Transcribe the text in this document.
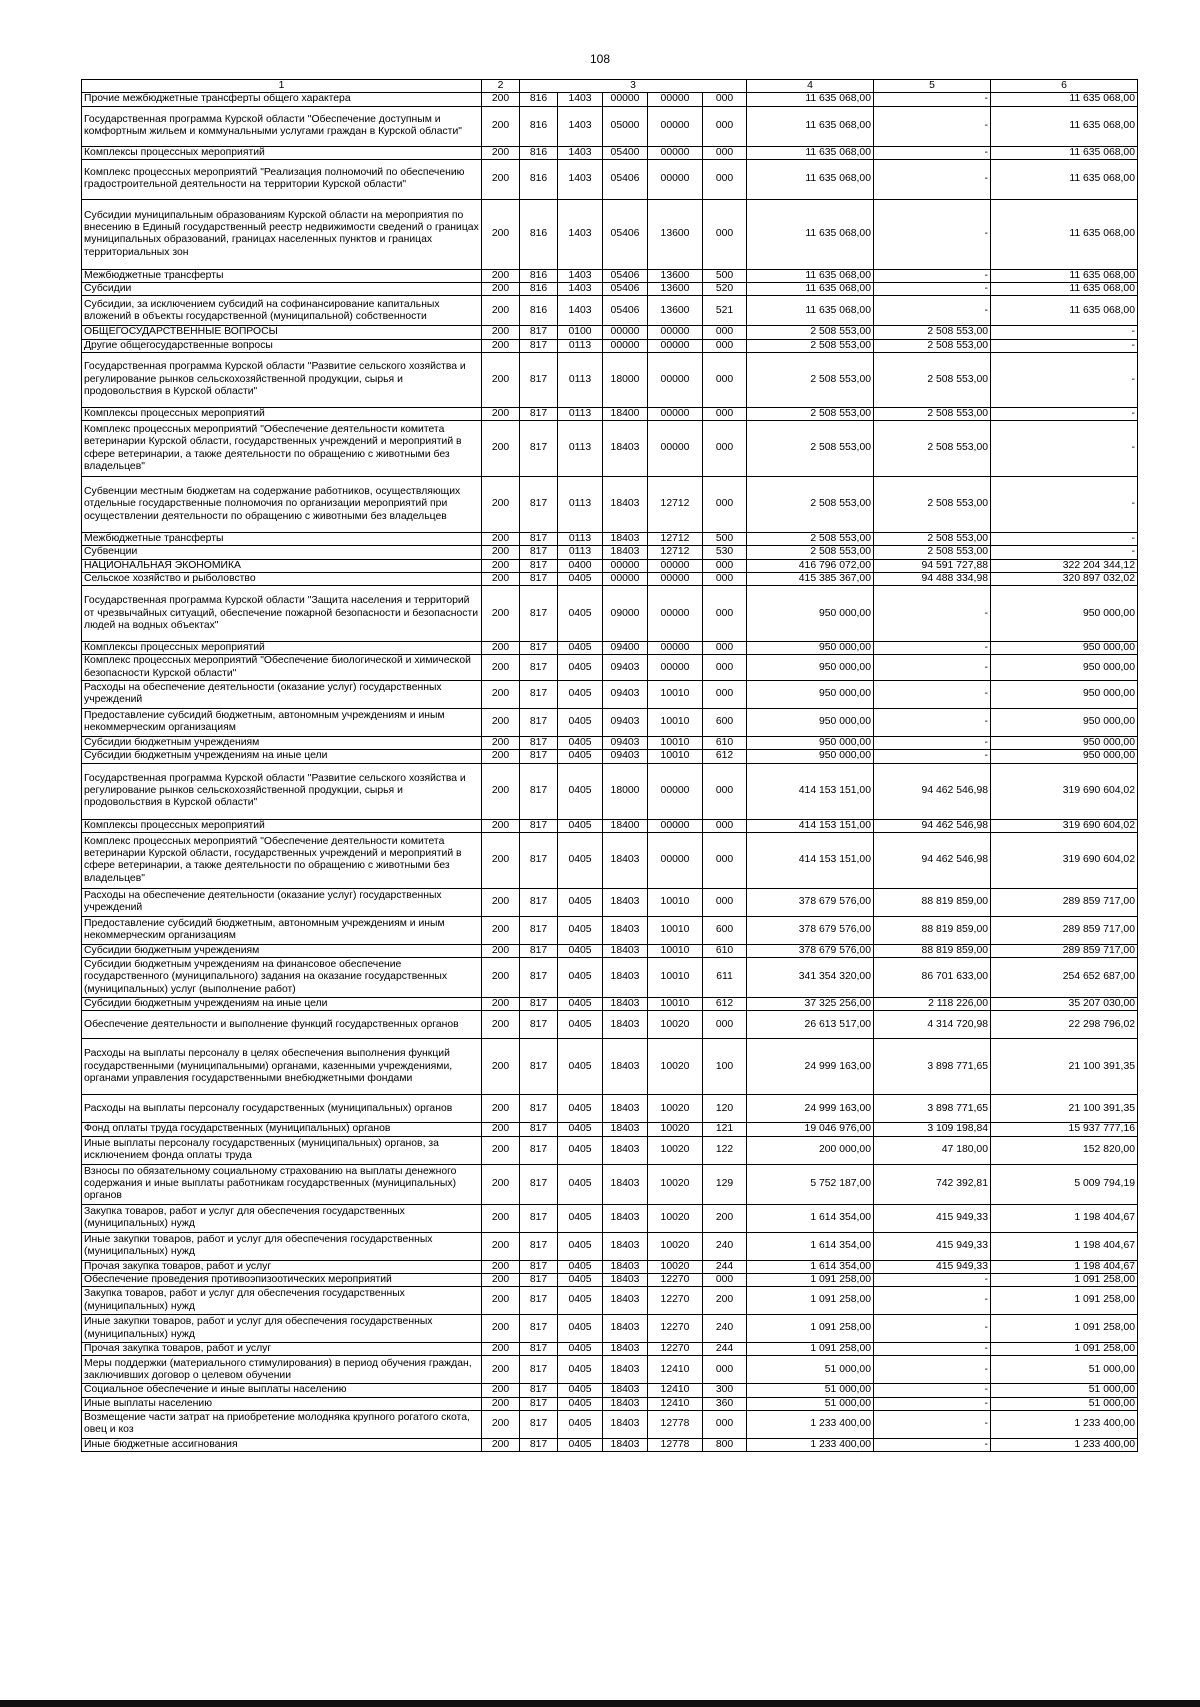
108
1	2	3					4	5	6
Прочие межбюджетные трансферты общего характера	200	816	1403	00000	00000	000	11 635 068,00	-	11 635 068,00
Государственная программа Курской области "Обеспечение доступным и комфортным жильем и коммунальными услугами граждан в Курской области"	200	816	1403	05000	00000	000	11 635 068,00	-	11 635 068,00
Комплексы процессных мероприятий	200	816	1403	05400	00000	000	11 635 068,00	-	11 635 068,00
Комплекс процессных мероприятий "Реализация полномочий по обеспечению градостроительной деятельности на территории Курской области"	200	816	1403	05406	00000	000	11 635 068,00	-	11 635 068,00
Субсидии муниципальным образованиям Курской области на мероприятия по внесению в Единый государственный реестр недвижимости сведений о границах муниципальных образований, границах населенных пунктов и границах территориальных зон	200	816	1403	05406	13600	000	11 635 068,00	-	11 635 068,00
Межбюджетные трансферты	200	816	1403	05406	13600	500	11 635 068,00	-	11 635 068,00
Субсидии	200	816	1403	05406	13600	520	11 635 068,00	-	11 635 068,00
Субсидии, за исключением субсидий на софинансирование капитальных вложений в объекты государственной (муниципальной) собственности	200	816	1403	05406	13600	521	11 635 068,00	-	11 635 068,00
ОБЩЕГОСУДАРСТВЕННЫЕ ВОПРОСЫ	200	817	0100	00000	00000	000	2 508 553,00	2 508 553,00	-
Другие общегосударственные вопросы	200	817	0113	00000	00000	000	2 508 553,00	2 508 553,00	-
Государственная программа Курской области "Развитие сельского хозяйства и регулирование рынков сельскохозяйственной продукции, сырья и продовольствия в Курской области"	200	817	0113	18000	00000	000	2 508 553,00	2 508 553,00	-
Комплексы процессных мероприятий	200	817	0113	18400	00000	000	2 508 553,00	2 508 553,00	-
Комплекс процессных мероприятий "Обеспечение деятельности комитета ветеринарии Курской области, государственных учреждений и мероприятий в сфере ветеринарии, а также деятельности по обращению с животными без владельцев"	200	817	0113	18403	00000	000	2 508 553,00	2 508 553,00	-
Субвенции местным бюджетам на содержание работников, осуществляющих отдельные государственные полномочия по организации мероприятий при осуществлении деятельности по обращению с животными без владельцев	200	817	0113	18403	12712	000	2 508 553,00	2 508 553,00	-
Межбюджетные трансферты	200	817	0113	18403	12712	500	2 508 553,00	2 508 553,00	-
Субвенции	200	817	0113	18403	12712	530	2 508 553,00	2 508 553,00	-
НАЦИОНАЛЬНАЯ ЭКОНОМИКА	200	817	0400	00000	00000	000	416 796 072,00	94 591 727,88	322 204 344,12
Сельское хозяйство и рыболовство	200	817	0405	00000	00000	000	415 385 367,00	94 488 334,98	320 897 032,02
Государственная программа Курской области "Защита населения и территорий от чрезвычайных ситуаций, обеспечение пожарной безопасности и безопасности людей на водных объектах"	200	817	0405	09000	00000	000	950 000,00	-	950 000,00
Комплексы процессных мероприятий	200	817	0405	09400	00000	000	950 000,00	-	950 000,00
Комплекс процессных мероприятий "Обеспечение биологической и химической безопасности Курской области"	200	817	0405	09403	00000	000	950 000,00	-	950 000,00
Расходы на обеспечение деятельности (оказание услуг) государственных учреждений	200	817	0405	09403	10010	000	950 000,00	-	950 000,00
Предоставление субсидий бюджетным, автономным учреждениям и иным некоммерческим организациям	200	817	0405	09403	10010	600	950 000,00	-	950 000,00
Субсидии бюджетным учреждениям	200	817	0405	09403	10010	610	950 000,00	-	950 000,00
Субсидии бюджетным учреждениям на иные цели	200	817	0405	09403	10010	612	950 000,00	-	950 000,00
Государственная программа Курской области "Развитие сельского хозяйства и регулирование рынков сельскохозяйственной продукции, сырья и продовольствия в Курской области"	200	817	0405	18000	00000	000	414 153 151,00	94 462 546,98	319 690 604,02
Комплексы процессных мероприятий	200	817	0405	18400	00000	000	414 153 151,00	94 462 546,98	319 690 604,02
Комплекс процессных мероприятий "Обеспечение деятельности комитета ветеринарии Курской области, государственных учреждений и мероприятий в сфере ветеринарии, а также деятельности по обращению с животными без владельцев"	200	817	0405	18403	00000	000	414 153 151,00	94 462 546,98	319 690 604,02
Расходы на обеспечение деятельности (оказание услуг) государственных учреждений	200	817	0405	18403	10010	000	378 679 576,00	88 819 859,00	289 859 717,00
Предоставление субсидий бюджетным, автономным учреждениям и иным некоммерческим организациям	200	817	0405	18403	10010	600	378 679 576,00	88 819 859,00	289 859 717,00
Субсидии бюджетным учреждениям	200	817	0405	18403	10010	610	378 679 576,00	88 819 859,00	289 859 717,00
Субсидии бюджетным учреждениям на финансовое обеспечение государственного (муниципального) задания на оказание государственных (муниципальных) услуг (выполнение работ)	200	817	0405	18403	10010	611	341 354 320,00	86 701 633,00	254 652 687,00
Субсидии бюджетным учреждениям на иные цели	200	817	0405	18403	10010	612	37 325 256,00	2 118 226,00	35 207 030,00
Обеспечение деятельности и выполнение функций государственных органов	200	817	0405	18403	10020	000	26 613 517,00	4 314 720,98	22 298 796,02
Расходы на выплаты персоналу в целях обеспечения выполнения функций государственными (муниципальными) органами, казенными учреждениями, органами управления государственными внебюджетными фондами	200	817	0405	18403	10020	100	24 999 163,00	3 898 771,65	21 100 391,35
Расходы на выплаты персоналу государственных (муниципальных) органов	200	817	0405	18403	10020	120	24 999 163,00	3 898 771,65	21 100 391,35
Фонд оплаты труда государственных (муниципальных) органов	200	817	0405	18403	10020	121	19 046 976,00	3 109 198,84	15 937 777,16
Иные выплаты персоналу государственных (муниципальных) органов, за исключением фонда оплаты труда	200	817	0405	18403	10020	122	200 000,00	47 180,00	152 820,00
Взносы по обязательному социальному страхованию на выплаты денежного содержания и иные выплаты работникам государственных (муниципальных) органов	200	817	0405	18403	10020	129	5 752 187,00	742 392,81	5 009 794,19
Закупка товаров, работ и услуг для обеспечения государственных (муниципальных) нужд	200	817	0405	18403	10020	200	1 614 354,00	415 949,33	1 198 404,67
Иные закупки товаров, работ и услуг для обеспечения государственных (муниципальных) нужд	200	817	0405	18403	10020	240	1 614 354,00	415 949,33	1 198 404,67
Прочая закупка товаров, работ и услуг	200	817	0405	18403	10020	244	1 614 354,00	415 949,33	1 198 404,67
Обеспечение проведения противоэпизоотических мероприятий	200	817	0405	18403	12270	000	1 091 258,00	-	1 091 258,00
Закупка товаров, работ и услуг для обеспечения государственных (муниципальных) нужд	200	817	0405	18403	12270	200	1 091 258,00	-	1 091 258,00
Иные закупки товаров, работ и услуг для обеспечения государственных (муниципальных) нужд	200	817	0405	18403	12270	240	1 091 258,00	-	1 091 258,00
Прочая закупка товаров, работ и услуг	200	817	0405	18403	12270	244	1 091 258,00	-	1 091 258,00
Меры поддержки (материального стимулирования) в период обучения граждан, заключивших договор о целевом обучении	200	817	0405	18403	12410	000	51 000,00	-	51 000,00
Социальное обеспечение и иные выплаты населению	200	817	0405	18403	12410	300	51 000,00	-	51 000,00
Иные выплаты населению	200	817	0405	18403	12410	360	51 000,00	-	51 000,00
Возмещение части затрат на приобретение молодняка крупного рогатого скота, овец и коз	200	817	0405	18403	12778	000	1 233 400,00	-	1 233 400,00
Иные бюджетные ассигнования	200	817	0405	18403	12778	800	1 233 400,00	-	1 233 400,00
